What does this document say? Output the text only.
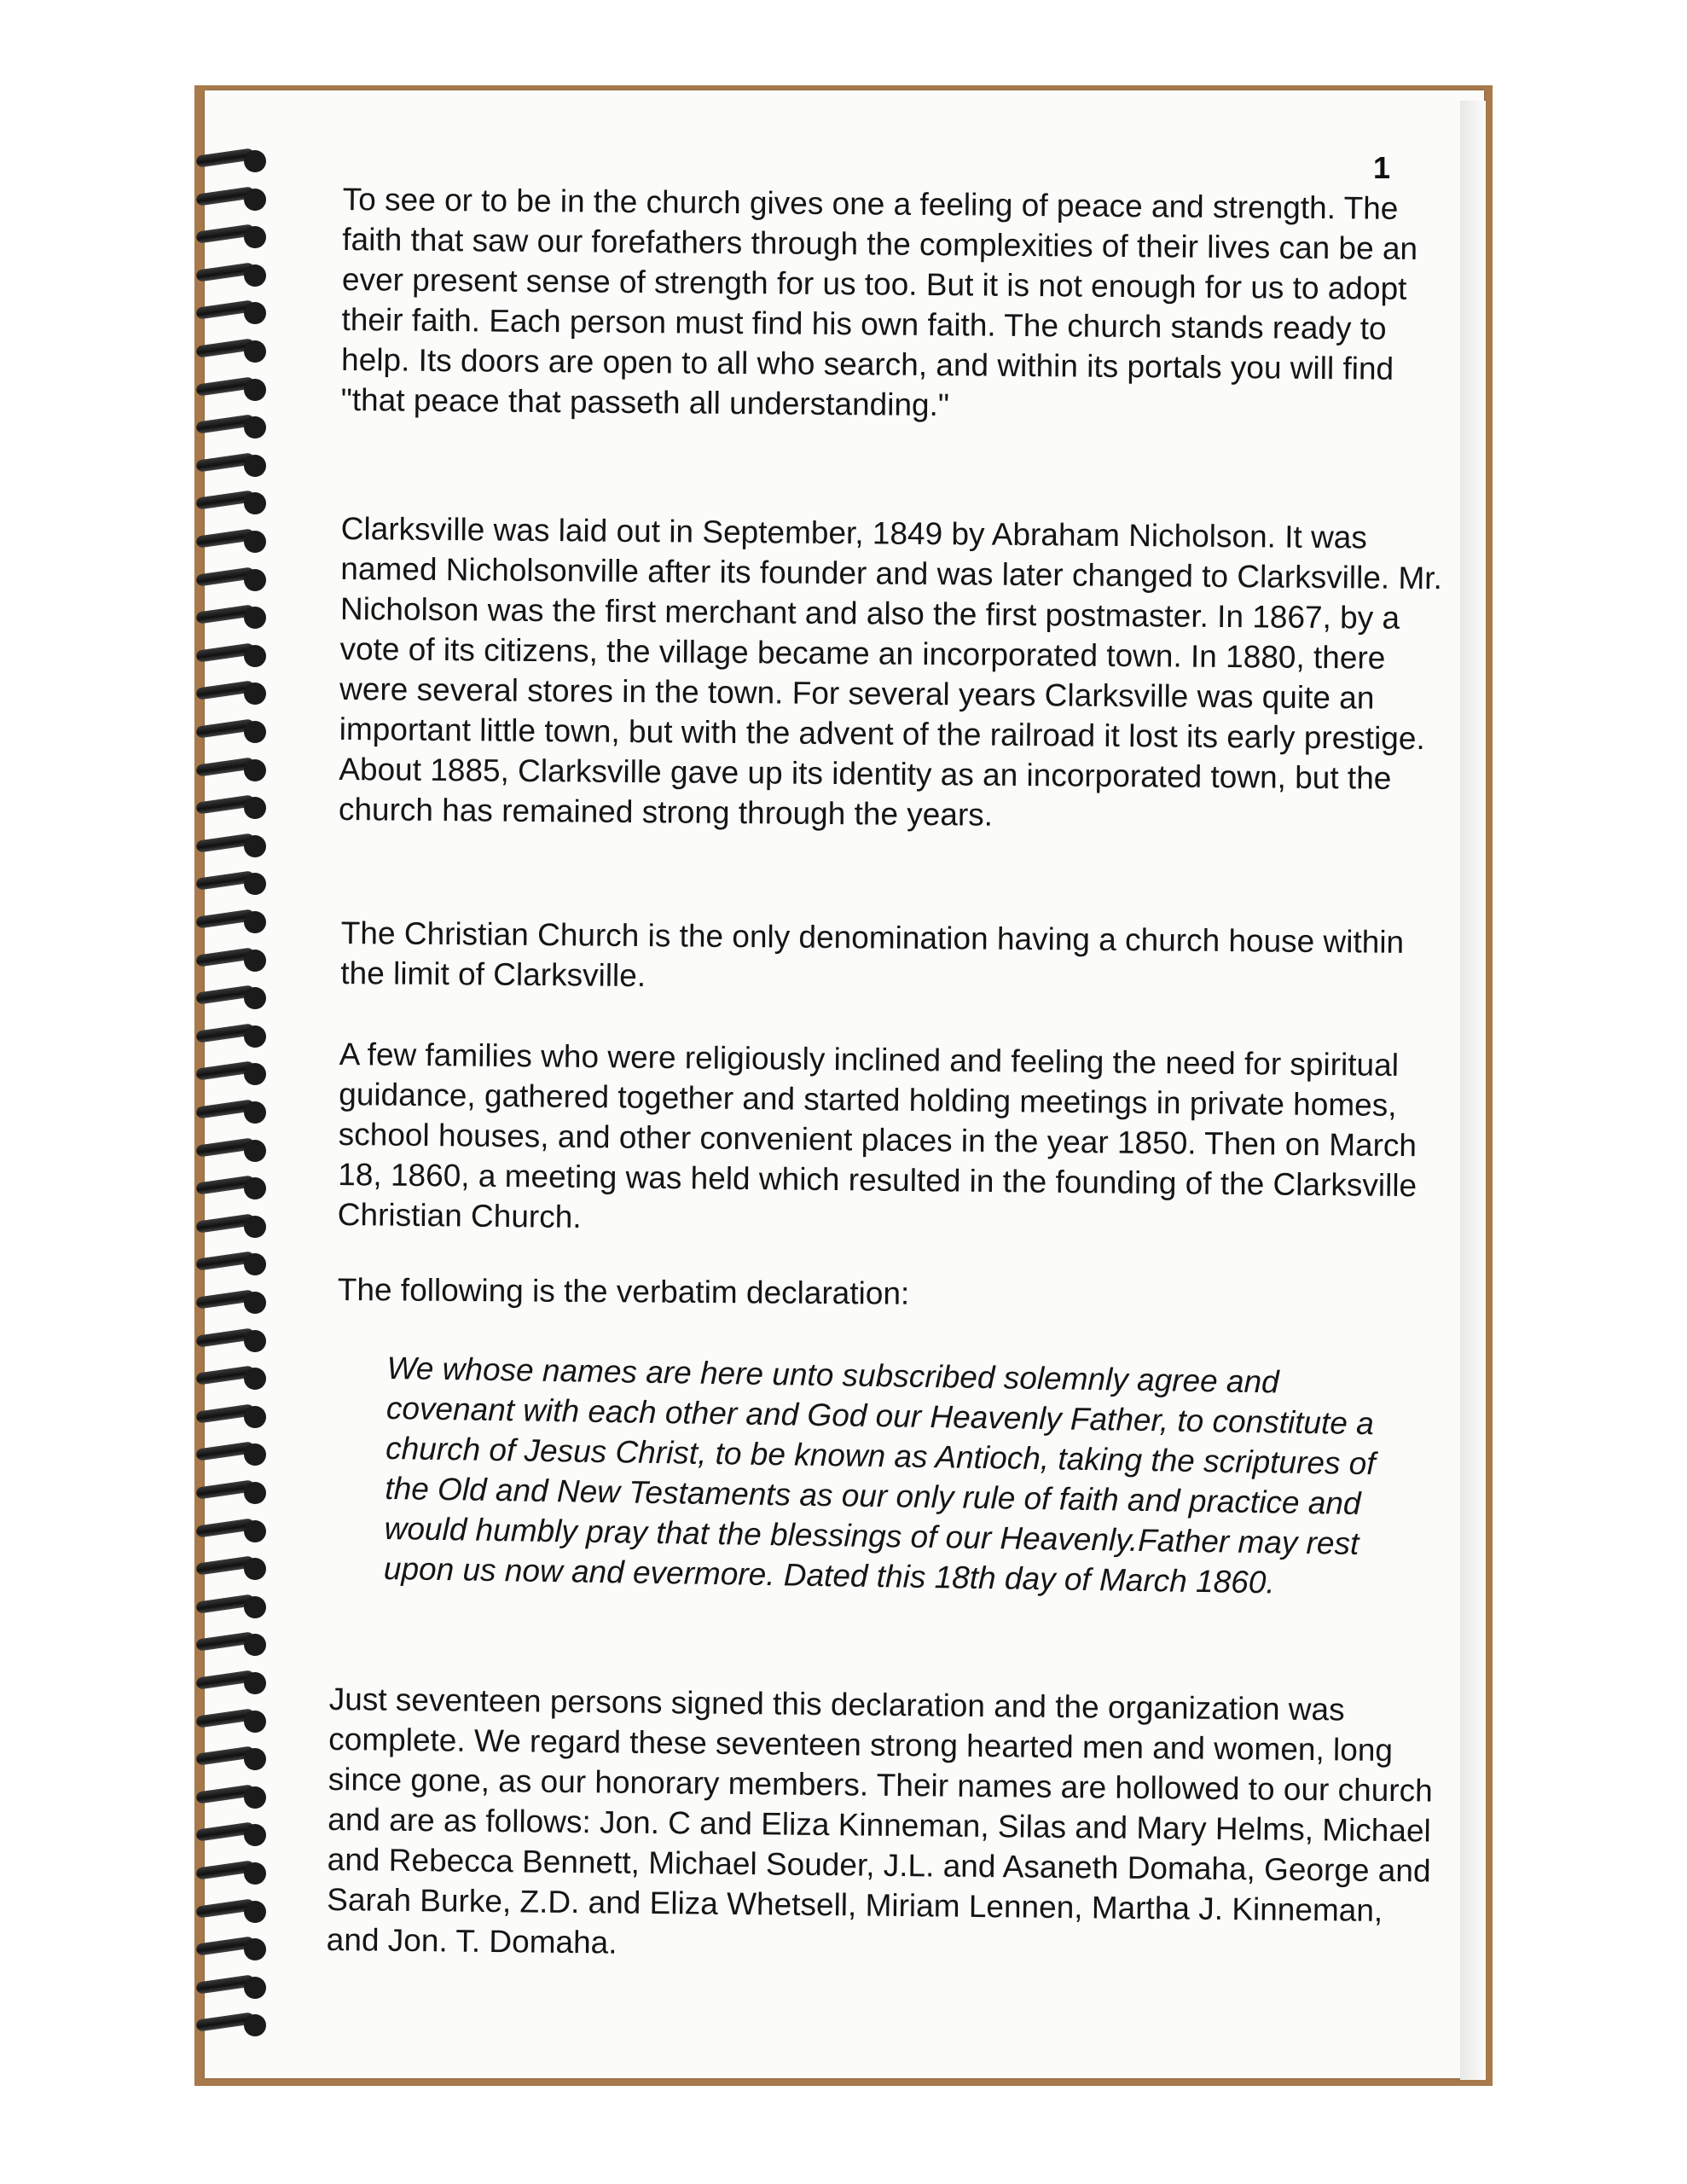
1

To see or to be in the church gives one a feeling of peace and strength. The faith that saw our forefathers through the complexities of their lives can be an ever present sense of strength for us too. But it is not enough for us to adopt their faith. Each person must find his own faith. The church stands ready to help. Its doors are open to all who search, and within its portals you will find "that peace that passeth all understanding."

Clarksville was laid out in September, 1849 by Abraham Nicholson. It was named Nicholsonville after its founder and was later changed to Clarksville. Mr. Nicholson was the first merchant and also the first postmaster. In 1867, by a vote of its citizens, the village became an incorporated town. In 1880, there were several stores in the town. For several years Clarksville was quite an important little town, but with the advent of the railroad it lost its early prestige. About 1885, Clarksville gave up its identity as an incorporated town, but the church has remained strong through the years.

The Christian Church is the only denomination having a church house within the limit of Clarksville.

A few families who were religiously inclined and feeling the need for spiritual guidance, gathered together and started holding meetings in private homes, school houses, and other convenient places in the year 1850. Then on March 18, 1860, a meeting was held which resulted in the founding of the Clarksville Christian Church.

The following is the verbatim declaration:

We whose names are here unto subscribed solemnly agree and covenant with each other and God our Heavenly Father, to constitute a church of Jesus Christ, to be known as Antioch, taking the scriptures of the Old and New Testaments as our only rule of faith and practice and would humbly pray that the blessings of our Heavenly.Father may rest upon us now and evermore. Dated this 18th day of March 1860.

Just seventeen persons signed this declaration and the organization was complete. We regard these seventeen strong hearted men and women, long since gone, as our honorary members. Their names are hollowed to our church and are as follows: Jon. C and Eliza Kinneman, Silas and Mary Helms, Michael and Rebecca Bennett, Michael Souder, J.L. and Asaneth Domaha, George and Sarah Burke, Z.D. and Eliza Whetsell, Miriam Lennen, Martha J. Kinneman, and Jon. T. Domaha.
